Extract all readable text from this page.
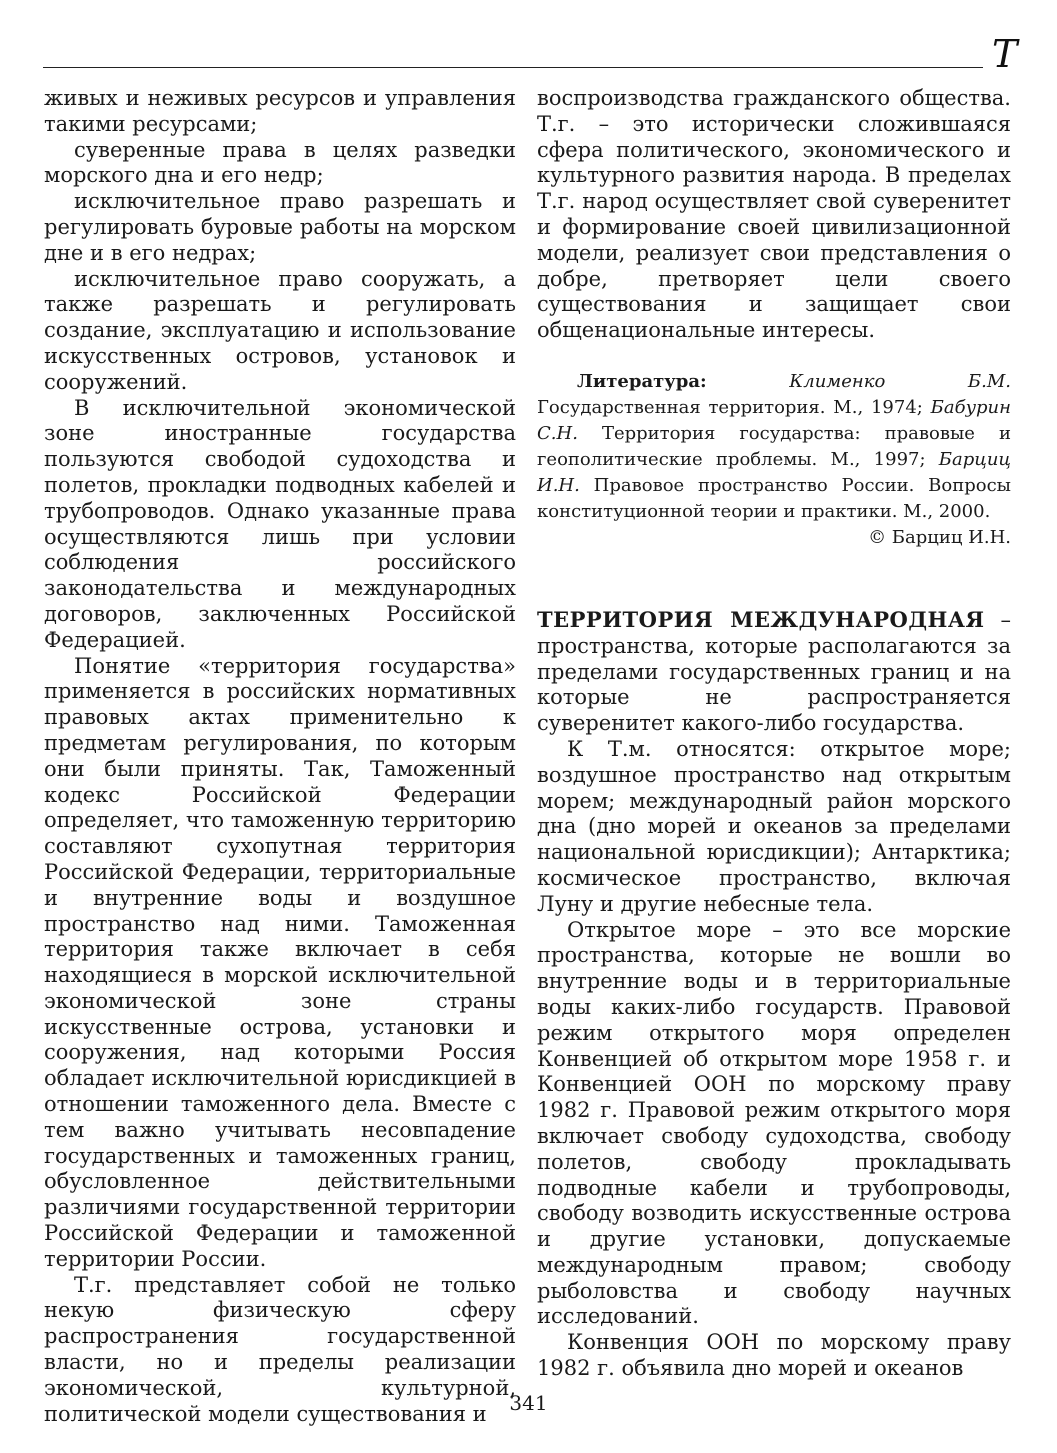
T

живых и неживых ресурсов и управления такими ресурсами;

суверенные права в целях разведки морского дна и его недр;

исключительное право разрешать и регулировать буровые работы на морском дне и в его недрах;

исключительное право сооружать, а также разрешать и регулировать создание, эксплуатацию и использование искусственных островов, установок и сооружений.

В исключительной экономической зоне иностранные государства пользуются свободой судоходства и полетов, прокладки подводных кабелей и трубопроводов. Однако указанные права осуществляются лишь при условии соблюдения российского законодательства и международных договоров, заключенных Российской Федерацией.

Понятие «территория государства» применяется в российских нормативных правовых актах применительно к предметам регулирования, по которым они были приняты. Так, Таможенный кодекс Российской Федерации определяет, что таможенную территорию составляют сухопутная территория Российской Федерации, территориальные и внутренние воды и воздушное пространство над ними. Таможенная территория также включает в себя находящиеся в морской исключительной экономической зоне страны искусственные острова, установки и сооружения, над которыми Россия обладает исключительной юрисдикцией в отношении таможенного дела. Вместе с тем важно учитывать несовпадение государственных и таможенных границ, обусловленное действительными различиями государственной территории Российской Федерации и таможенной территории России.

Т.г. представляет собой не только некую физическую сферу распространения государственной власти, но и пределы реализации экономической, культурной, политической модели существования и

воспроизводства гражданского общества. Т.г. – это исторически сложившаяся сфера политического, экономического и культурного развития народа. В пределах Т.г. народ осуществляет свой суверенитет и формирование своей цивилизационной модели, реализует свои представления о добре, претворяет цели своего существования и защищает свои общенациональные интересы.

Литература:	Клименко Б.М. Государственная территория. М., 1974; Бабурин С.Н. Территория государства: правовые и геополитические проблемы. М., 1997; Барциц И.Н. Правовое пространство России. Вопросы конституционной теории и практики. М., 2000.

© Барциц И.Н.

ТЕРРИТОРИЯ МЕЖДУНАРОДНАЯ – пространства, которые располагаются за пределами государственных границ и на которые не распространяется суверенитет какого-либо государства.

К Т.м. относятся: открытое море; воздушное пространство над открытым морем; международный район морского дна (дно морей и океанов за пределами национальной юрисдикции); Антарктика; космическое пространство, включая Луну и другие небесные тела.

Открытое море – это все морские пространства, которые не вошли во внутренние воды и в территориальные воды каких-либо государств. Правовой режим открытого моря определен Конвенцией об открытом море 1958 г. и Конвенцией ООН по морскому праву 1982 г. Правовой режим открытого моря включает свободу судоходства, свободу полетов, свободу прокладывать подводные кабели и трубопроводы, свободу возводить искусственные острова и другие установки, допускаемые международным правом; свободу рыболовства и свободу научных исследований.

Конвенция ООН по морскому праву 1982 г. объявила дно морей и океанов

341
